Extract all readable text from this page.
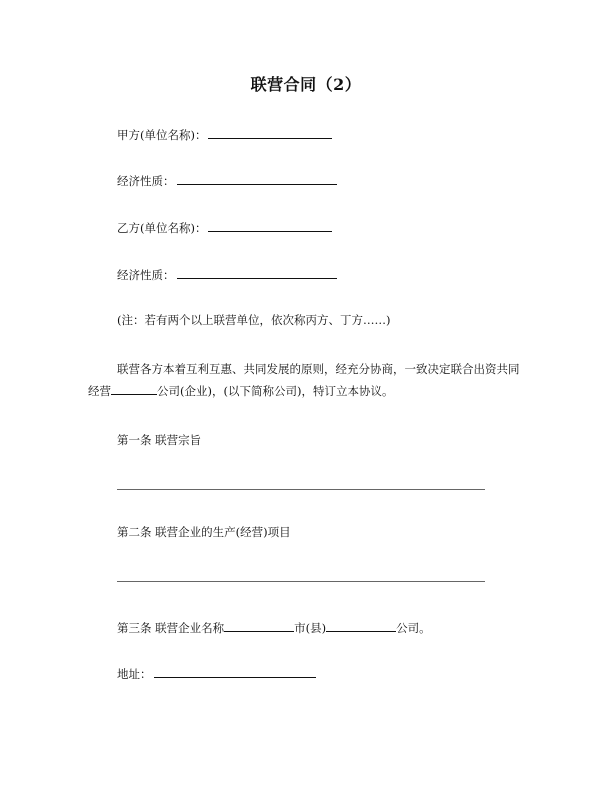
联营合同（2）
甲方(单位名称)：
经济性质：
乙方(单位名称)：
经济性质：
(注：若有两个以上联营单位，依次称丙方、丁方……)
联营各方本着互利互惠、共同发展的原则，经充分协商，一致决定联合出资共同经营	公司(企业)，(以下简称公司)，特订立本协议。
第一条 联营宗旨
第二条 联营企业的生产(经营)项目
第三条 联营企业名称	市(县)	公司。
地址：
